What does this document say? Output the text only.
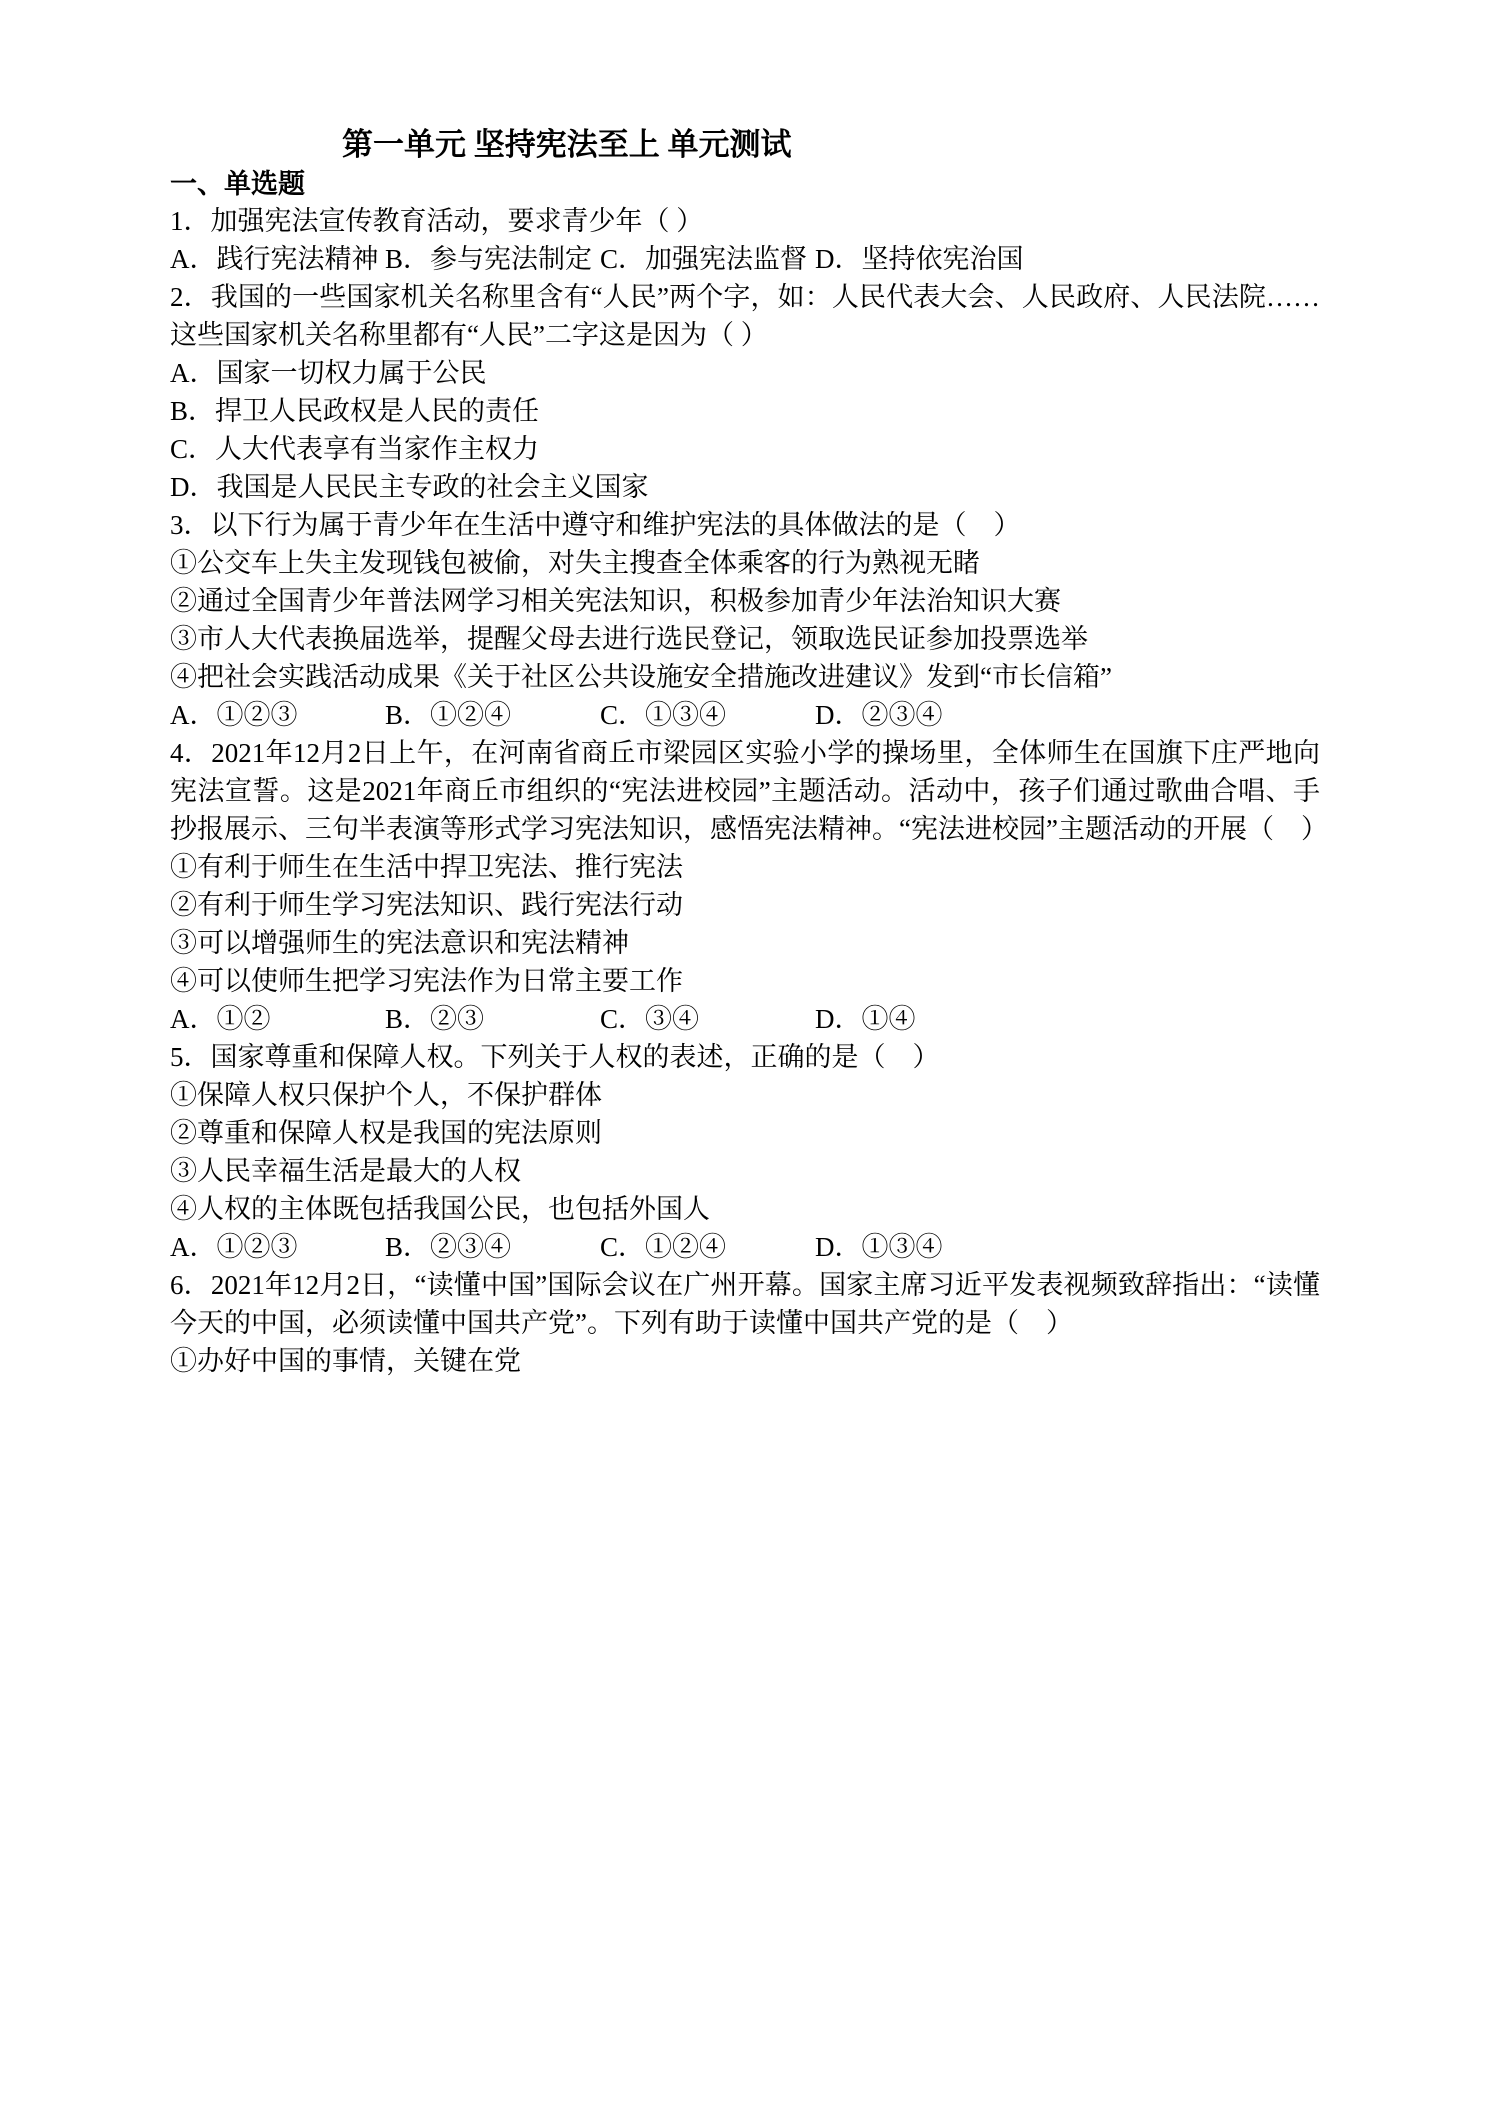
第一单元 坚持宪法至上 单元测试
一、单选题

1．加强宪法宣传教育活动，要求青少年（ ）

A．践行宪法精神 B．参与宪法制定 C．加强宪法监督 D．坚持依宪治国

2．我国的一些国家机关名称里含有“人民”两个字，如：人民代表大会、人民政府、人民法院……这些国家机关名称里都有“人民”二字这是因为（ ）

A．国家一切权力属于公民

B．捍卫人民政权是人民的责任

C．人大代表享有当家作主权力

D．我国是人民民主专政的社会主义国家

3．以下行为属于青少年在生活中遵守和维护宪法的具体做法的是（　）

①公交车上失主发现钱包被偷，对失主搜查全体乘客的行为熟视无睹

②通过全国青少年普法网学习相关宪法知识，积极参加青少年法治知识大赛

③市人大代表换届选举，提醒父母去进行选民登记，领取选民证参加投票选举

④把社会实践活动成果《关于社区公共设施安全措施改进建议》发到“市长信箱”

A．①②③	B．①②④	C．①③④	D．②③④

4．2021年12月2日上午，在河南省商丘市梁园区实验小学的操场里，全体师生在国旗下庄严地向宪法宣誓。这是2021年商丘市组织的“宪法进校园”主题活动。活动中，孩子们通过歌曲合唱、手抄报展示、三句半表演等形式学习宪法知识，感悟宪法精神。“宪法进校园”主题活动的开展（　）

①有利于师生在生活中捍卫宪法、推行宪法

②有利于师生学习宪法知识、践行宪法行动

③可以增强师生的宪法意识和宪法精神

④可以使师生把学习宪法作为日常主要工作

A．①②	B．②③	C．③④	D．①④

5．国家尊重和保障人权。下列关于人权的表述，正确的是（　）

①保障人权只保护个人，不保护群体

②尊重和保障人权是我国的宪法原则

③人民幸福生活是最大的人权

④人权的主体既包括我国公民，也包括外国人

A．①②③	B．②③④	C．①②④	D．①③④

6．2021年12月2日，“读懂中国”国际会议在广州开幕。国家主席习近平发表视频致辞指出：“读懂今天的中国，必须读懂中国共产党”。下列有助于读懂中国共产党的是（　）

①办好中国的事情，关键在党
